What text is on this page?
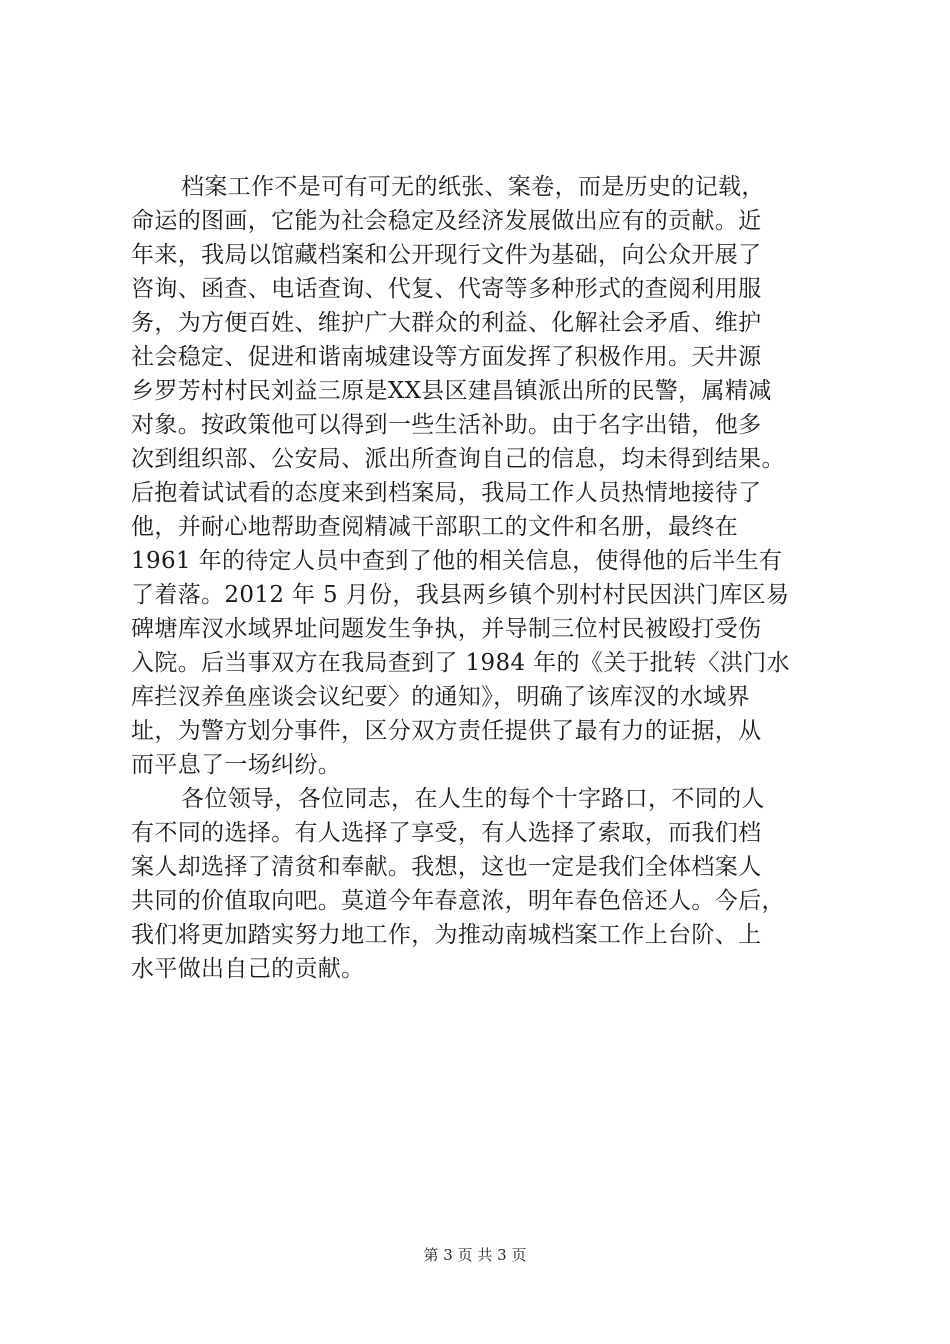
档案工作不是可有可无的纸张、案卷，而是历史的记载，
命运的图画，它能为社会稳定及经济发展做出应有的贡献。近
年来，我局以馆藏档案和公开现行文件为基础，向公众开展了
咨询、函查、电话查询、代复、代寄等多种形式的查阅利用服
务，为方便百姓、维护广大群众的利益、化解社会矛盾、维护
社会稳定、促进和谐南城建设等方面发挥了积极作用。天井源
乡罗芳村村民刘益三原是XX县区建昌镇派出所的民警，属精减
对象。按政策他可以得到一些生活补助。由于名字出错，他多
次到组织部、公安局、派出所查询自己的信息，均未得到结果。
后抱着试试看的态度来到档案局，我局工作人员热情地接待了
他，并耐心地帮助查阅精减干部职工的文件和名册，最终在
1961 年的待定人员中查到了他的相关信息，使得他的后半生有
了着落。2012 年 5 月份，我县两乡镇个别村村民因洪门库区易
碑塘库汊水域界址问题发生争执，并导制三位村民被殴打受伤
入院。后当事双方在我局查到了 1984 年的《关于批转〈洪门水
库拦汊养鱼座谈会议纪要〉的通知》，明确了该库汊的水域界
址，为警方划分事件，区分双方责任提供了最有力的证据，从
而平息了一场纠纷。
各位领导，各位同志，在人生的每个十字路口，不同的人
有不同的选择。有人选择了享受，有人选择了索取，而我们档
案人却选择了清贫和奉献。我想，这也一定是我们全体档案人
共同的价值取向吧。莫道今年春意浓，明年春色倍还人。今后，
我们将更加踏实努力地工作，为推动南城档案工作上台阶、上
水平做出自己的贡献。
第 3 页 共 3 页
